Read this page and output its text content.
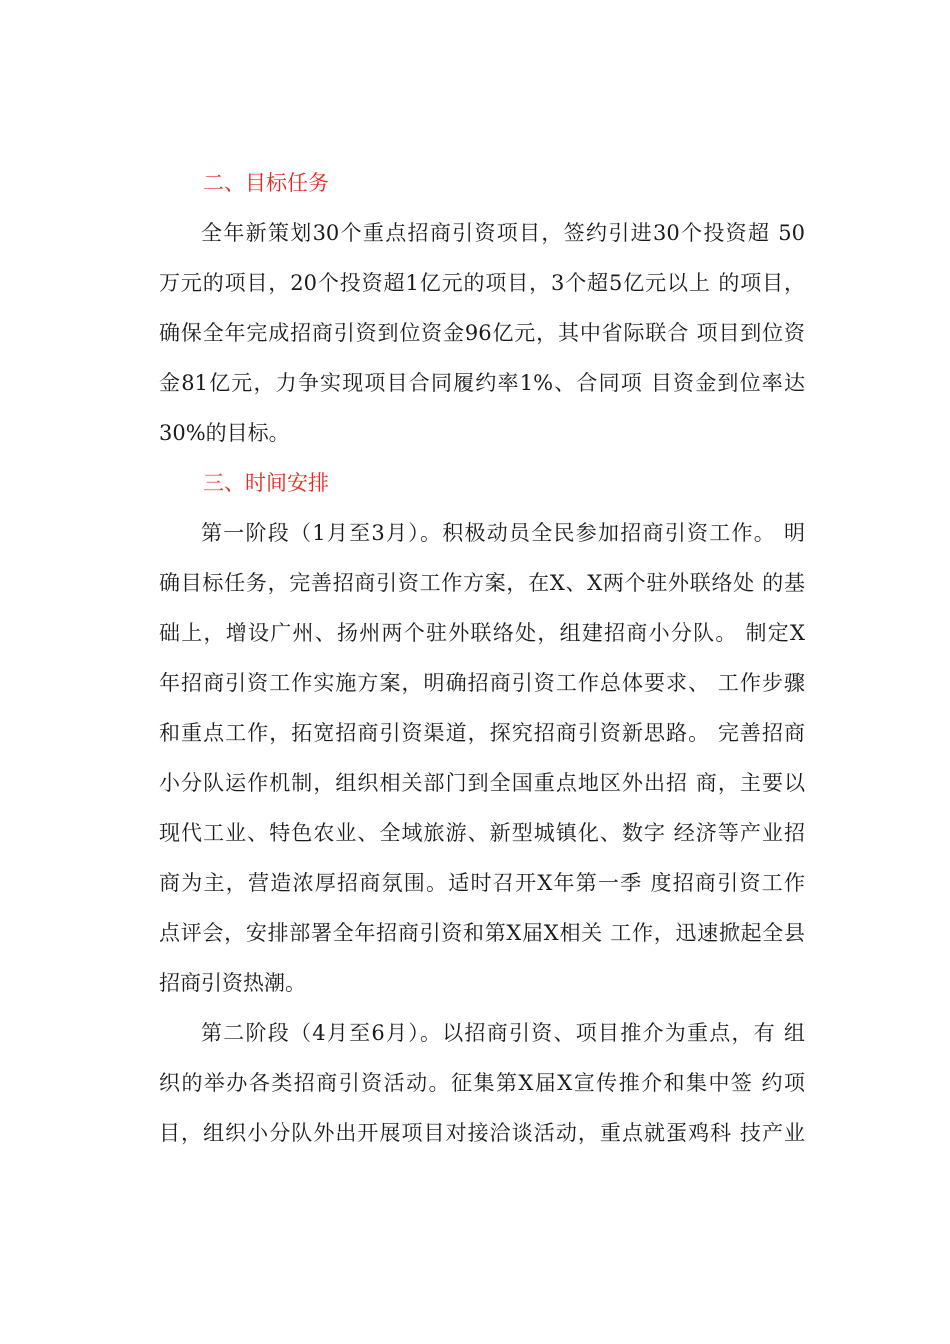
二、目标任务
全年新策划30个重点招商引资项目，签约引进30个投资超 50
万元的项目，20个投资超1亿元的项目，3个超5亿元以上 的项目，
确保全年完成招商引资到位资金96亿元，其中省际联合 项目到位资
金81亿元，力争实现项目合同履约率1%、合同项 目资金到位率达
30%的目标。
三、时间安排
第一阶段（1月至3月）。积极动员全民参加招商引资工作。 明
确目标任务，完善招商引资工作方案，在X、X两个驻外联络处 的基
础上，增设广州、扬州两个驻外联络处，组建招商小分队。 制定X
年招商引资工作实施方案，明确招商引资工作总体要求、 工作步骤
和重点工作，拓宽招商引资渠道，探究招商引资新思路。 完善招商
小分队运作机制，组织相关部门到全国重点地区外出招 商，主要以
现代工业、特色农业、全域旅游、新型城镇化、数字 经济等产业招
商为主，营造浓厚招商氛围。适时召开X年第一季 度招商引资工作
点评会，安排部署全年招商引资和第X届X相关 工作，迅速掀起全县
招商引资热潮。
第二阶段（4月至6月）。以招商引资、项目推介为重点，有 组
织的举办各类招商引资活动。征集第X届X宣传推介和集中签 约项
目，组织小分队外出开展项目对接洽谈活动，重点就蛋鸡科 技产业
